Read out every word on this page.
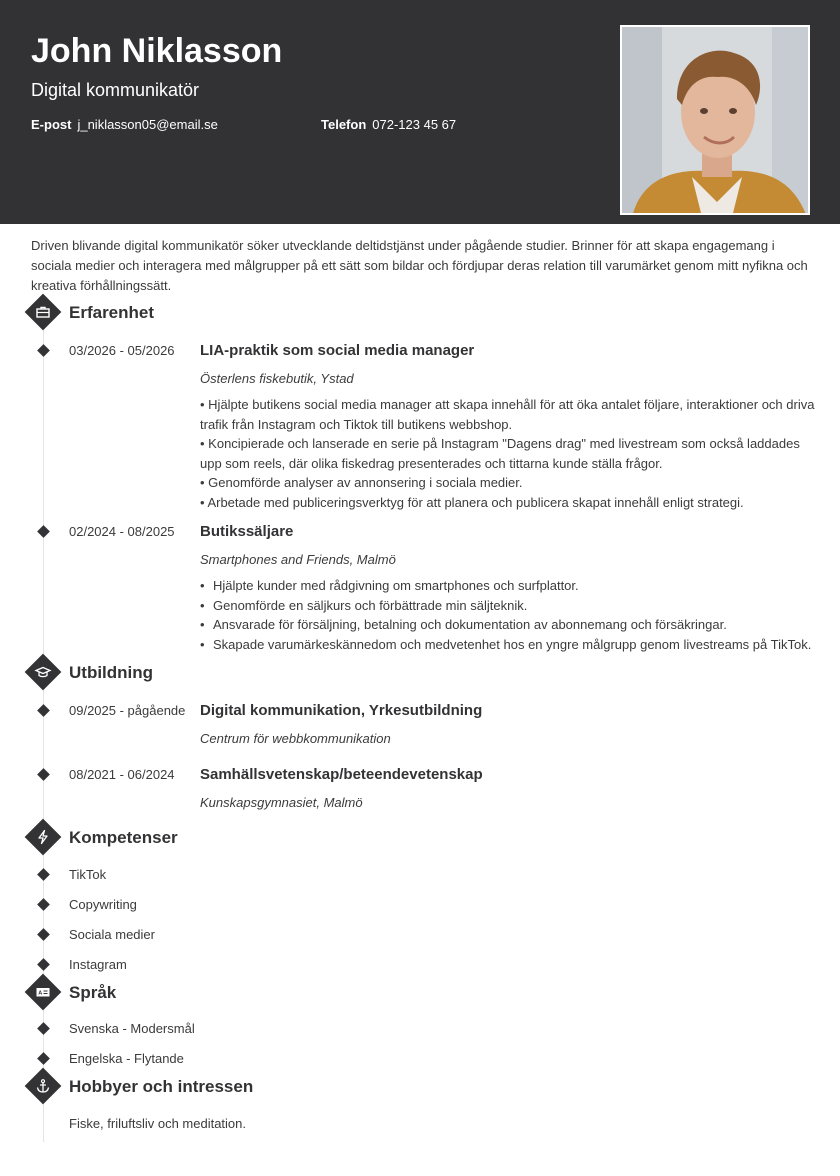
John Niklasson
Digital kommunikatör
E-post j_niklasson05@email.se	Telefon 072-123 45 67
Driven blivande digital kommunikatör söker utvecklande deltidstjänst under pågående studier. Brinner för att skapa engagemang i sociala medier och interagera med målgrupper på ett sätt som bildar och fördjupar deras relation till varumärket genom mitt nyfikna och kreativa förhållningssätt.
Erfarenhet
03/2026 - 05/2026 LIA-praktik som social media manager
Österlens fiskebutik, Ystad
• Hjälpte butikens social media manager att skapa innehåll för att öka antalet följare, interaktioner och driva trafik från Instagram och Tiktok till butikens webbshop.
• Koncipierade och lanserade en serie på Instagram "Dagens drag" med livestream som också laddades upp som reels, där olika fiskedrag presenterades och tittarna kunde ställa frågor.
• Genomförde analyser av annonsering i sociala medier.
• Arbetade med publiceringsverktyg för att planera och publicera skapat innehåll enligt strategi.
02/2024 - 08/2025 Butikssäljare
Smartphones and Friends, Malmö
• Hjälpte kunder med rådgivning om smartphones och surfplattor.
• Genomförde en säljkurs och förbättrade min säljteknik.
• Ansvarade för försäljning, betalning och dokumentation av abonnemang och försäkringar.
• Skapade varumärkeskännedom och medvetenhet hos en yngre målgrupp genom livestreams på TikTok.
Utbildning
09/2025 - pågående Digital kommunikation, Yrkesutbildning
Centrum för webbkommunikation
08/2021 - 06/2024 Samhällsvetenskap/beteendevetenskap
Kunskapsgymnasiet, Malmö
Kompetenser
TikTok
Copywriting
Sociala medier
Instagram
A Språk
Svenska - Modersmål
Engelska - Flytande
Hobbyer och intressen
Fiske, friluftsliv och meditation.
